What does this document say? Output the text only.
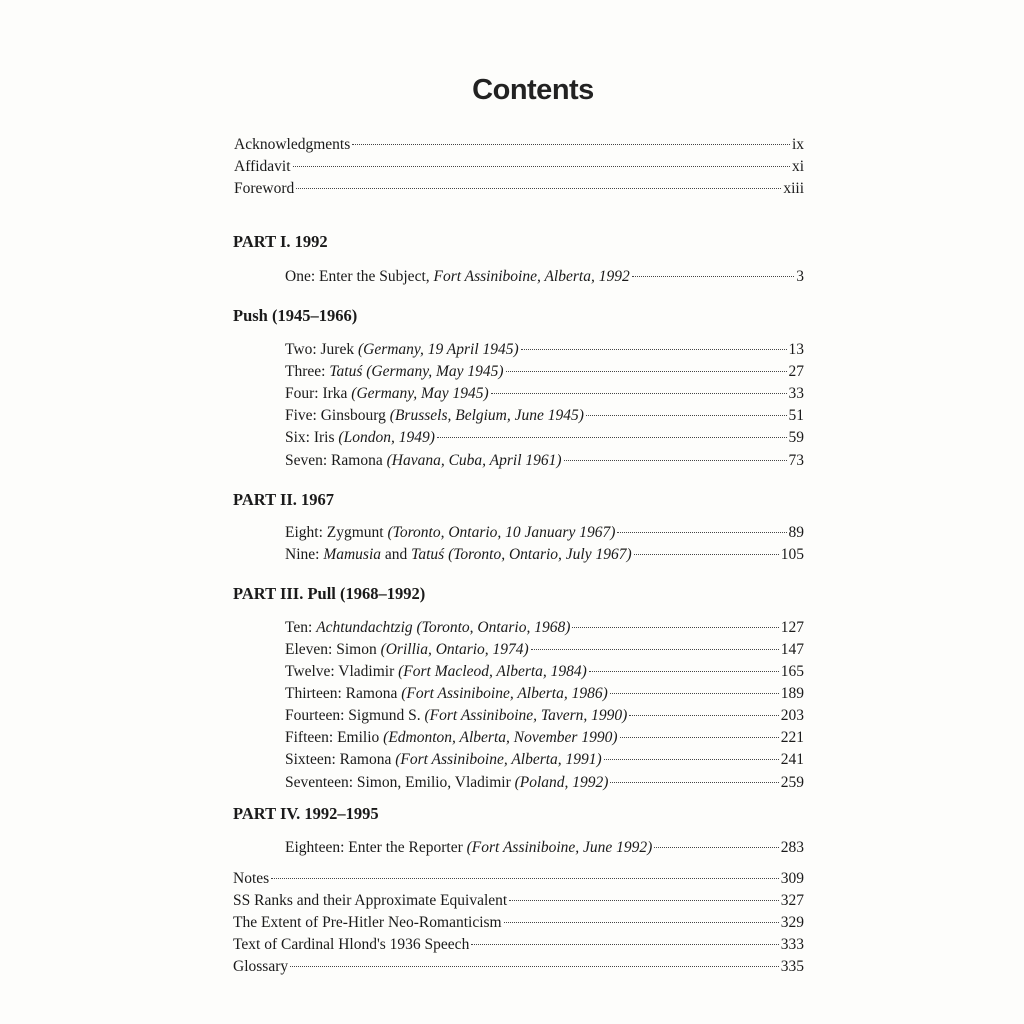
Contents
Acknowledgments	ix
Affidavit	xi
Foreword	xiii
PART I. 1992
One: Enter the Subject, Fort Assiniboine, Alberta, 1992	3
Push (1945–1966)
Two: Jurek (Germany, 19 April 1945)	13
Three: Tatuś (Germany, May 1945)	27
Four: Irka (Germany, May 1945)	33
Five: Ginsbourg (Brussels, Belgium, June 1945)	51
Six: Iris (London, 1949)	59
Seven: Ramona (Havana, Cuba, April 1961)	73
PART II. 1967
Eight: Zygmunt (Toronto, Ontario, 10 January 1967)	89
Nine: Mamusia and Tatuś (Toronto, Ontario, July 1967)	105
PART III. Pull (1968–1992)
Ten: Achtundachtzig (Toronto, Ontario, 1968)	127
Eleven: Simon (Orillia, Ontario, 1974)	147
Twelve: Vladimir (Fort Macleod, Alberta, 1984)	165
Thirteen: Ramona (Fort Assiniboine, Alberta, 1986)	189
Fourteen: Sigmund S. (Fort Assiniboine, Tavern, 1990)	203
Fifteen: Emilio (Edmonton, Alberta, November 1990)	221
Sixteen: Ramona (Fort Assiniboine, Alberta, 1991)	241
Seventeen: Simon, Emilio, Vladimir (Poland, 1992)	259
PART IV. 1992–1995
Eighteen: Enter the Reporter (Fort Assiniboine, June 1992)	283
Notes	309
SS Ranks and their Approximate Equivalent	327
The Extent of Pre-Hitler Neo-Romanticism	329
Text of Cardinal Hlond's 1936 Speech	333
Glossary	335
